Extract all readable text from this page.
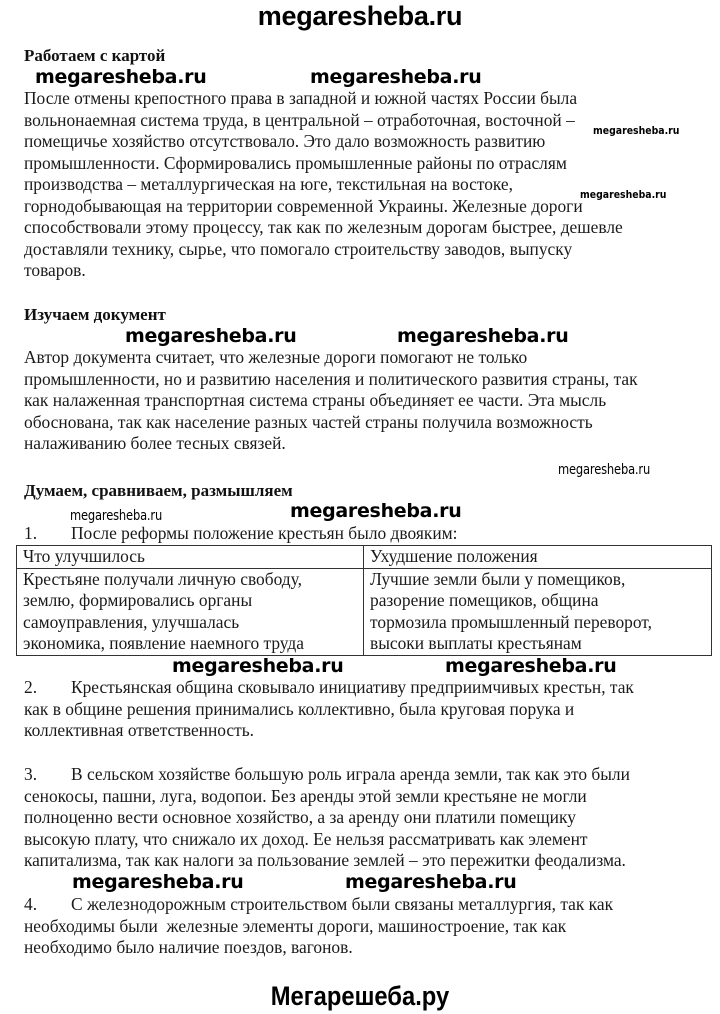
megaresheba.ru
Работаем с картой
megaresheba.ru	megaresheba.ru
После отмены крепостного права в западной и южной частях России была
вольнонаемная система труда, в центральной – отработочная, восточной –
помещичье хозяйство отсутствовало. Это дало возможность развитию
промышленности. Сформировались промышленные районы по отраслям
производства – металлургическая на юге, текстильная на востоке,
горнодобывающая на территории современной Украины. Железные дороги
способствовали этому процессу, так как по железным дорогам быстрее, дешевле
доставляли технику, сырье, что помогало строительству заводов, выпуску
товаров.
megaresheba.ru
megaresheba.ru
Изучаем документ
megaresheba.ru	megaresheba.ru
Автор документа считает, что железные дороги помогают не только
промышленности, но и развитию населения и политического развития страны, так
как налаженная транспортная система страны объединяет ее части. Эта мысль
обоснована, так как население разных частей страны получила возможность
налаживанию более тесных связей.
megaresheba.ru
Думаем, сравниваем, размышляем
megaresheba.ru	megaresheba.ru
1. После реформы положение крестьян было двояким:
Что улучшилось	Ухудшение положения

Крестьяне получали личную свободу,
землю, формировались органы
самоуправления, улучшалась
экономика, появление наемного труда	Лучшие земли были у помещиков,
разорение помещиков, община
тормозила промышленный переворот,
высоки выплаты крестьянам
megaresheba.ru	megaresheba.ru
2. Крестьянская община сковывало инициативу предприимчивых крестьн, так
как в общине решения принимались коллективно, была круговая порука и
коллективная ответственность.
3. В сельском хозяйстве большую роль играла аренда земли, так как это были
сенокосы, пашни, луга, водопои. Без аренды этой земли крестьяне не могли
полноценно вести основное хозяйство, а за аренду они платили помещику
высокую плату, что снижало их доход. Ее нельзя рассматривать как элемент
капитализма, так как налоги за пользование землей – это пережитки феодализма.
megaresheba.ru	megaresheba.ru
4. С железнодорожным строительством были связаны металлургия, так как
необходимы были  железные элементы дороги, машиностроение, так как
необходимо было наличие поездов, вагонов.
Мегарешеба.ру
